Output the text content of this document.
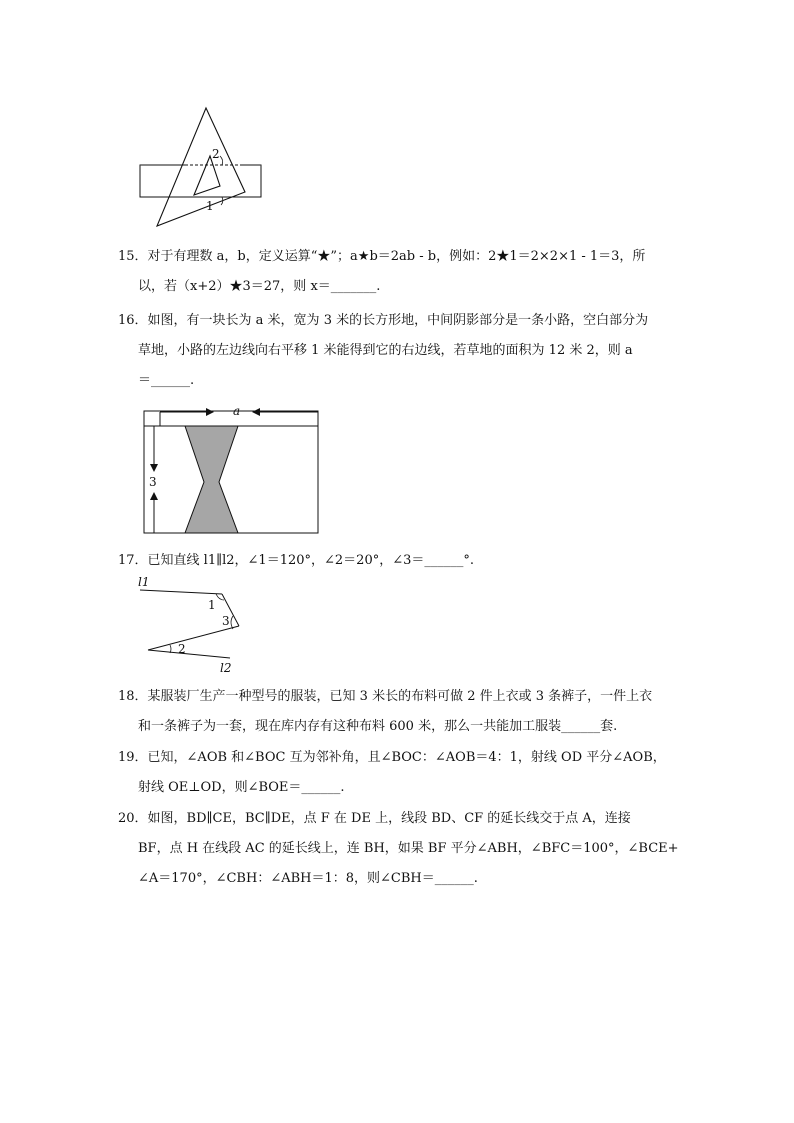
2
1
15．对于有理数 a，b，定义运算“★”；a★b＝2ab - b，例如：2★1＝2×2×1 - 1＝3，所
以，若（x+2）★3＝27，则 x＝_______.
16．如图，有一块长为 a 米，宽为 3 米的长方形地，中间阴影部分是一条小路，空白部分为
草地，小路的左边线向右平移 1 米能得到它的右边线，若草地的面积为 12 米 2，则 a
＝______.
a
3
17．已知直线 l1∥l2，∠1＝120°，∠2＝20°，∠3＝______°.
l1
l2
1
3
2
18．某服装厂生产一种型号的服装，已知 3 米长的布料可做 2 件上衣或 3 条裤子，一件上衣
和一条裤子为一套，现在库内存有这种布料 600 米，那么一共能加工服装______套.
19．已知，∠AOB 和∠BOC 互为邻补角，且∠BOC：∠AOB＝4：1，射线 OD 平分∠AOB，
射线 OE⊥OD，则∠BOE＝______.
20．如图，BD∥CE，BC∥DE，点 F 在 DE 上，线段 BD、CF 的延长线交于点 A，连接
BF，点 H 在线段 AC 的延长线上，连 BH，如果 BF 平分∠ABH，∠BFC＝100°，∠BCE+
∠A＝170°，∠CBH：∠ABH＝1：8，则∠CBH＝______.
